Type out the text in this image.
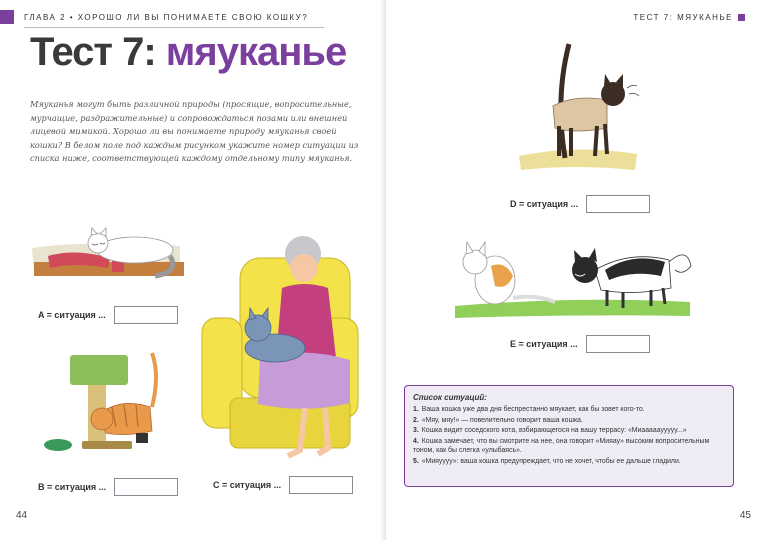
ГЛАВА 2 • ХОРОШО ЛИ ВЫ ПОНИМАЕТЕ СВОЮ КОШКУ?
Тест 7: мяуканье
Мяуканья могут быть различной природы (просящие, вопросительные, мурчащие, раздражительные) и сопровождаться позами или внешней лицевой мимикой. Хорошо ли вы понимаете природу мяуканья своей кошки? В белом поле под каждым рисунком укажите номер ситуации из списка ниже, соответствующей каждому отдельному типу мяуканья.
A = ситуация ...
B = ситуация ...	C = ситуация ...
44
ТЕСТ 7: МЯУКАНЬЕ
45
D = ситуация ...
E = ситуация ...
Список ситуаций:
1. Ваша кошка уже два дня беспрестанно мяукает, как бы зовет кого-то.
2. «Мяу, мяу!» — повелительно говорит ваша кошка.
3. Кошка видит соседского кота, взбирающегося на вашу террасу: «Миаааааууууу...»
4. Кошка замечает, что вы смотрите на нее, она говорит «Мияау» высоким вопросительным тоном, как бы слегка «улыбаясь».
5. «Мияуууу»: ваша кошка предупреждает, что не хочет, чтобы ее дальше гладили.
